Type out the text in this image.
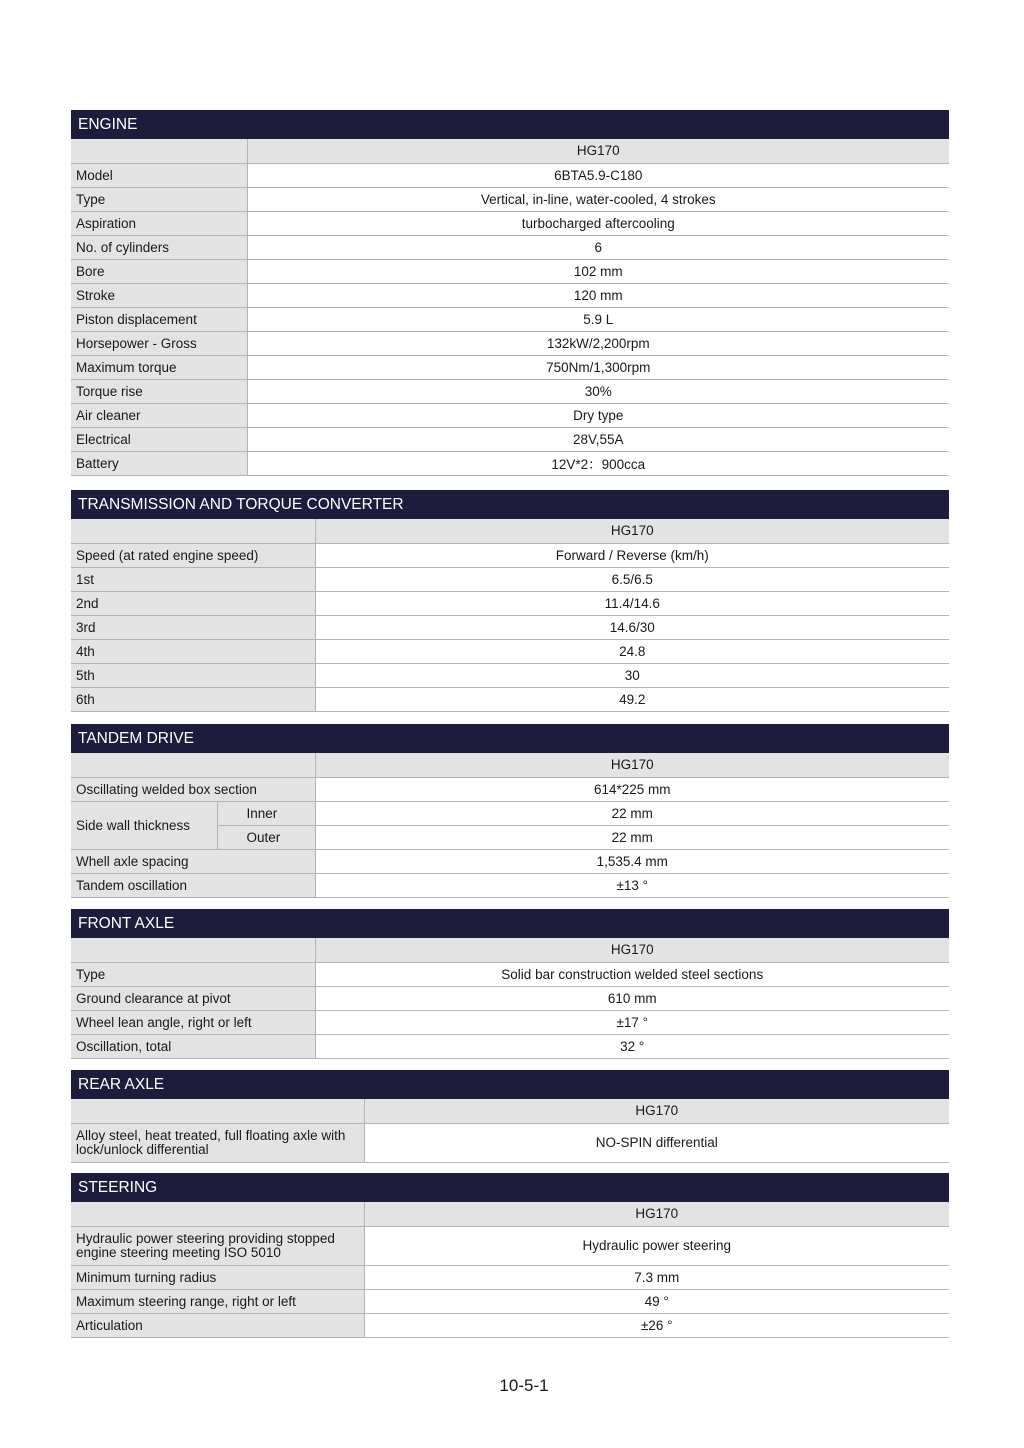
ENGINE
	HG170
Model	6BTA5.9-C180
Type	Vertical, in-line, water-cooled, 4 strokes
Aspiration	turbocharged aftercooling
No. of cylinders	6
Bore	102 mm
Stroke	120 mm
Piston displacement	5.9 L
Horsepower - Gross	132kW/2,200rpm
Maximum torque	750Nm/1,300rpm
Torque rise	30%
Air cleaner	Dry type
Electrical	28V,55A
Battery	12V*2：900cca
TRANSMISSION AND TORQUE CONVERTER
	HG170
Speed (at rated engine speed)	Forward / Reverse (km/h)
1st	6.5/6.5
2nd	11.4/14.6
3rd	14.6/30
4th	24.8
5th	30
6th	49.2
TANDEM DRIVE
		HG170
Oscillating welded box section		614*225 mm
Side wall thickness	Inner	22 mm
	Outer	22 mm
Whell axle spacing		1,535.4 mm
Tandem oscillation		±13 °
FRONT AXLE
	HG170
Type	Solid bar construction welded steel sections
Ground clearance at pivot	610 mm
Wheel lean angle, right or left	±17 °
Oscillation, total	32 °
REAR AXLE
	HG170
Alloy steel, heat treated, full floating axle with
lock/unlock differential	NO-SPIN differential
STEERING
	HG170
Hydraulic power steering providing stopped
engine steering meeting ISO 5010	Hydraulic power steering
Minimum turning radius	7.3 mm
Maximum steering range, right or left	49 °
Articulation	±26 °
10-5-1
